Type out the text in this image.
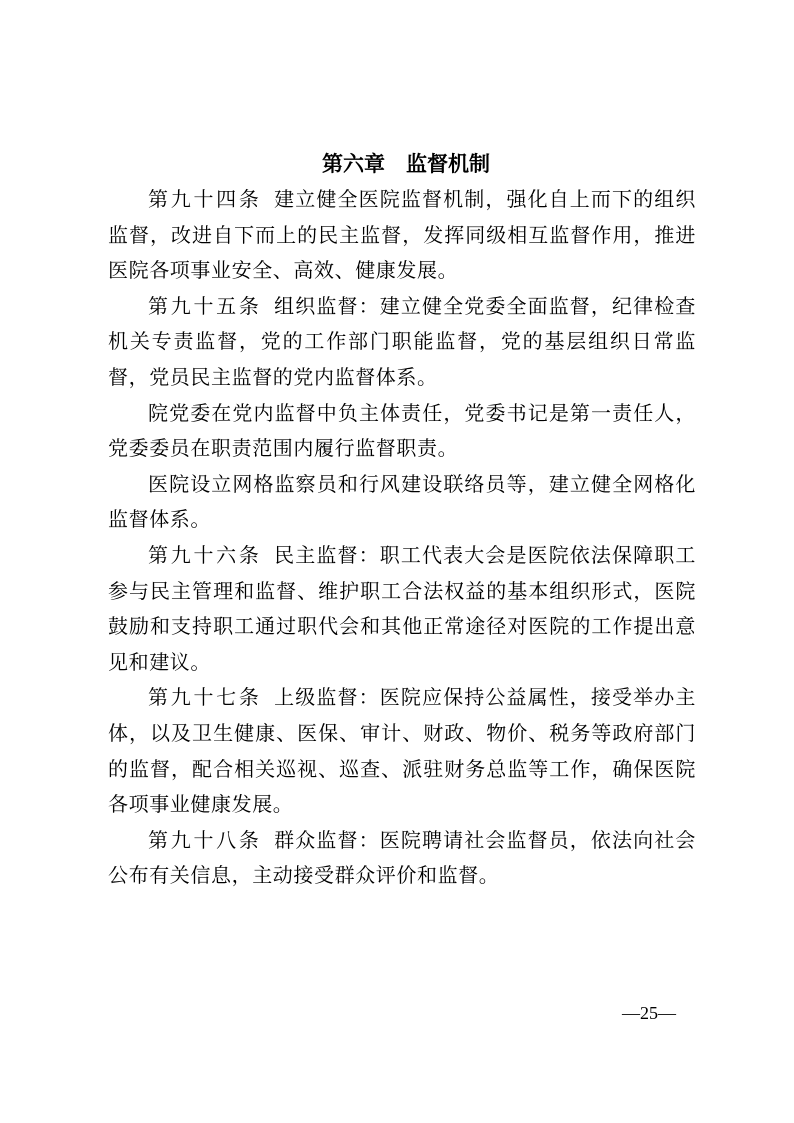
第六章 监督机制

第九十四条 建立健全医院监督机制，强化自上而下的组织监督，改进自下而上的民主监督，发挥同级相互监督作用，推进医院各项事业安全、高效、健康发展。

第九十五条 组织监督：建立健全党委全面监督，纪律检查机关专责监督，党的工作部门职能监督，党的基层组织日常监督，党员民主监督的党内监督体系。

院党委在党内监督中负主体责任，党委书记是第一责任人，党委委员在职责范围内履行监督职责。

医院设立网格监察员和行风建设联络员等，建立健全网格化监督体系。

第九十六条 民主监督：职工代表大会是医院依法保障职工参与民主管理和监督、维护职工合法权益的基本组织形式，医院鼓励和支持职工通过职代会和其他正常途径对医院的工作提出意见和建议。

第九十七条 上级监督：医院应保持公益属性，接受举办主体，以及卫生健康、医保、审计、财政、物价、税务等政府部门的监督，配合相关巡视、巡查、派驻财务总监等工作，确保医院各项事业健康发展。

第九十八条 群众监督：医院聘请社会监督员，依法向社会公布有关信息，主动接受群众评价和监督。

—25—
